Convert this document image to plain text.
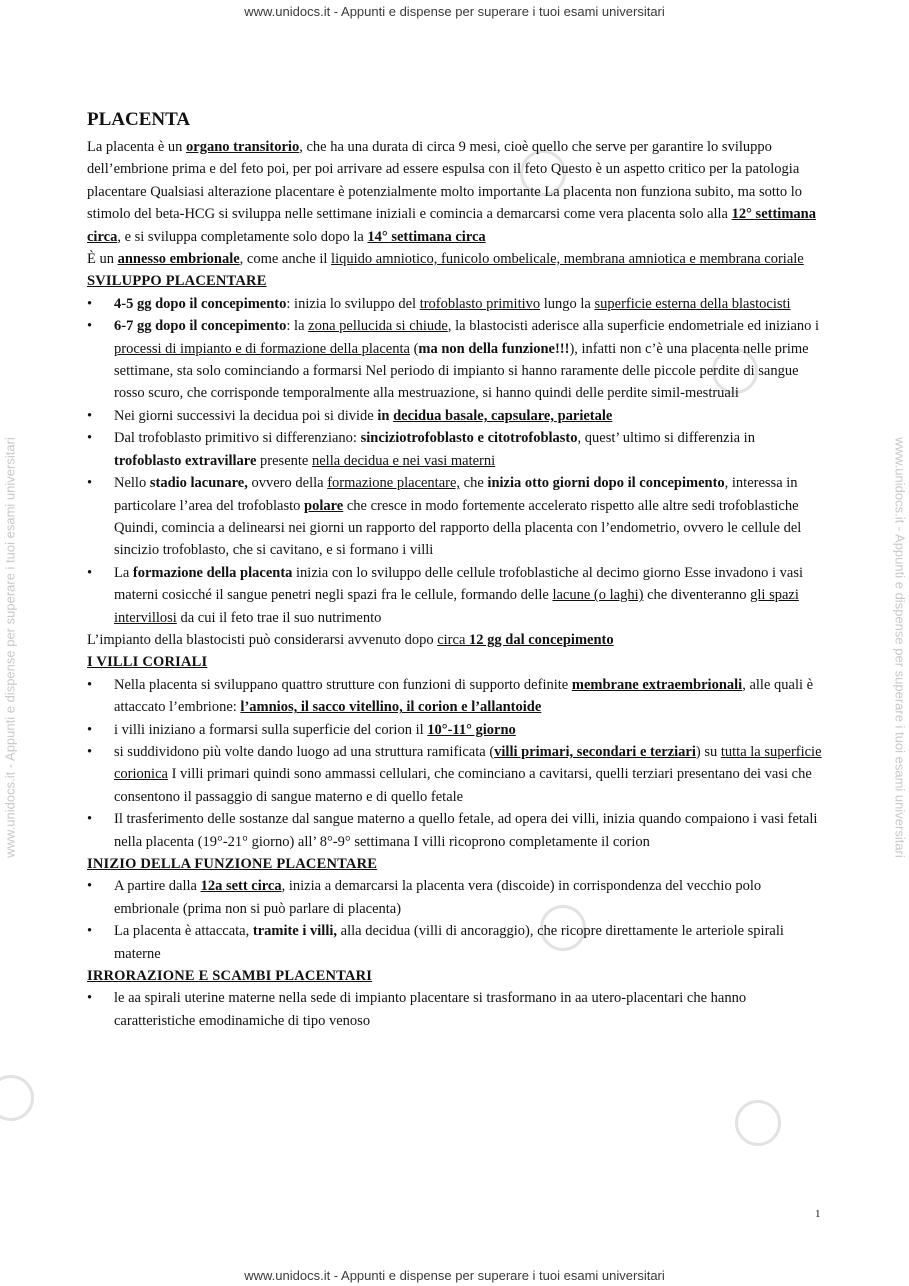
www.unidocs.it - Appunti e dispense per superare i tuoi esami universitari
www.unidocs.it - Appunti e dispense per superare i tuoi esami universitari
www.unidocs.it - Appunti e dispense per superare i tuoi esami universitari	www.unidocs.it - Appunti e dispense per superare i tuoi esami universitari
PLACENTA

La placenta è un organo transitorio, che ha una durata di circa 9 mesi, cioè quello che serve per garantire lo sviluppo dell’embrione prima e del feto poi, per poi arrivare ad essere espulsa con il feto Questo è un aspetto critico per la patologia placentare Qualsiasi alterazione placentare è potenzialmente molto importante La placenta non funziona subito, ma sotto lo stimolo del beta-HCG si sviluppa nelle settimane iniziali e comincia a demarcarsi come vera placenta solo alla 12° settimana circa, e si sviluppa completamente solo dopo la 14° settimana circa

È un annesso embrionale, come anche il liquido amniotico, funicolo ombelicale, membrana amniotica e membrana coriale

SVILUPPO PLACENTARE
• 4-5 gg dopo il concepimento: inizia lo sviluppo del trofoblasto primitivo lungo la superficie esterna della blastocisti
• 6-7 gg dopo il concepimento: la zona pellucida si chiude, la blastocisti aderisce alla superficie endometriale ed iniziano i processi di impianto e di formazione della placenta (ma non della funzione!!!), infatti non c’è una placenta nelle prime settimane, sta solo cominciando a formarsi Nel periodo di impianto si hanno raramente delle piccole perdite di sangue rosso scuro, che corrisponde temporalmente alla mestruazione, si hanno quindi delle perdite simil-mestruali
• Nei giorni successivi la decidua poi si divide in decidua basale, capsulare, parietale
• Dal trofoblasto primitivo si differenziano: sinciziotrofoblasto e citotrofoblasto, quest’ ultimo si differenzia in trofoblasto extravillare presente nella decidua e nei vasi materni
• Nello stadio lacunare, ovvero della formazione placentare, che inizia otto giorni dopo il concepimento, interessa in particolare l’area del trofoblasto polare che cresce in modo fortemente accelerato rispetto alle altre sedi trofoblastiche Quindi, comincia a delinearsi nei giorni un rapporto del rapporto della placenta con l’endometrio, ovvero le cellule del sincizio trofoblasto, che si cavitano, e si formano i villi
• La formazione della placenta inizia con lo sviluppo delle cellule trofoblastiche al decimo giorno Esse invadono i vasi materni cosicché il sangue penetri negli spazi fra le cellule, formando delle lacune (o laghi) che diventeranno gli spazi intervillosi da cui il feto trae il suo nutrimento

L’impianto della blastocisti può considerarsi avvenuto dopo circa 12 gg dal concepimento

I VILLI CORIALI
• Nella placenta si sviluppano quattro strutture con funzioni di supporto definite membrane extraembrionali, alle quali è attaccato l’embrione: l’amnios, il sacco vitellino, il corion e l’allantoide
• i villi iniziano a formarsi sulla superficie del corion il 10°-11° giorno
• si suddividono più volte dando luogo ad una struttura ramificata (villi primari, secondari e terziari) su tutta la superficie corionica I villi primari quindi sono ammassi cellulari, che cominciano a cavitarsi, quelli terziari presentano dei vasi che consentono il passaggio di sangue materno e di quello fetale
• Il trasferimento delle sostanze dal sangue materno a quello fetale, ad opera dei villi, inizia quando compaiono i vasi fetali nella placenta (19°-21° giorno) all’ 8°-9° settimana I villi ricoprono completamente il corion
INIZIO DELLA FUNZIONE PLACENTARE
• A partire dalla 12a sett circa, inizia a demarcarsi la placenta vera (discoide) in corrispondenza del vecchio polo embrionale (prima non si può parlare di placenta)
• La placenta è attaccata, tramite i villi, alla decidua (villi di ancoraggio), che ricopre direttamente le arteriole spirali materne
IRRORAZIONE E SCAMBI PLACENTARI
• le aa spirali uterine materne nella sede di impianto placentare si trasformano in aa utero-placentari che hanno caratteristiche emodinamiche di tipo venoso
1
